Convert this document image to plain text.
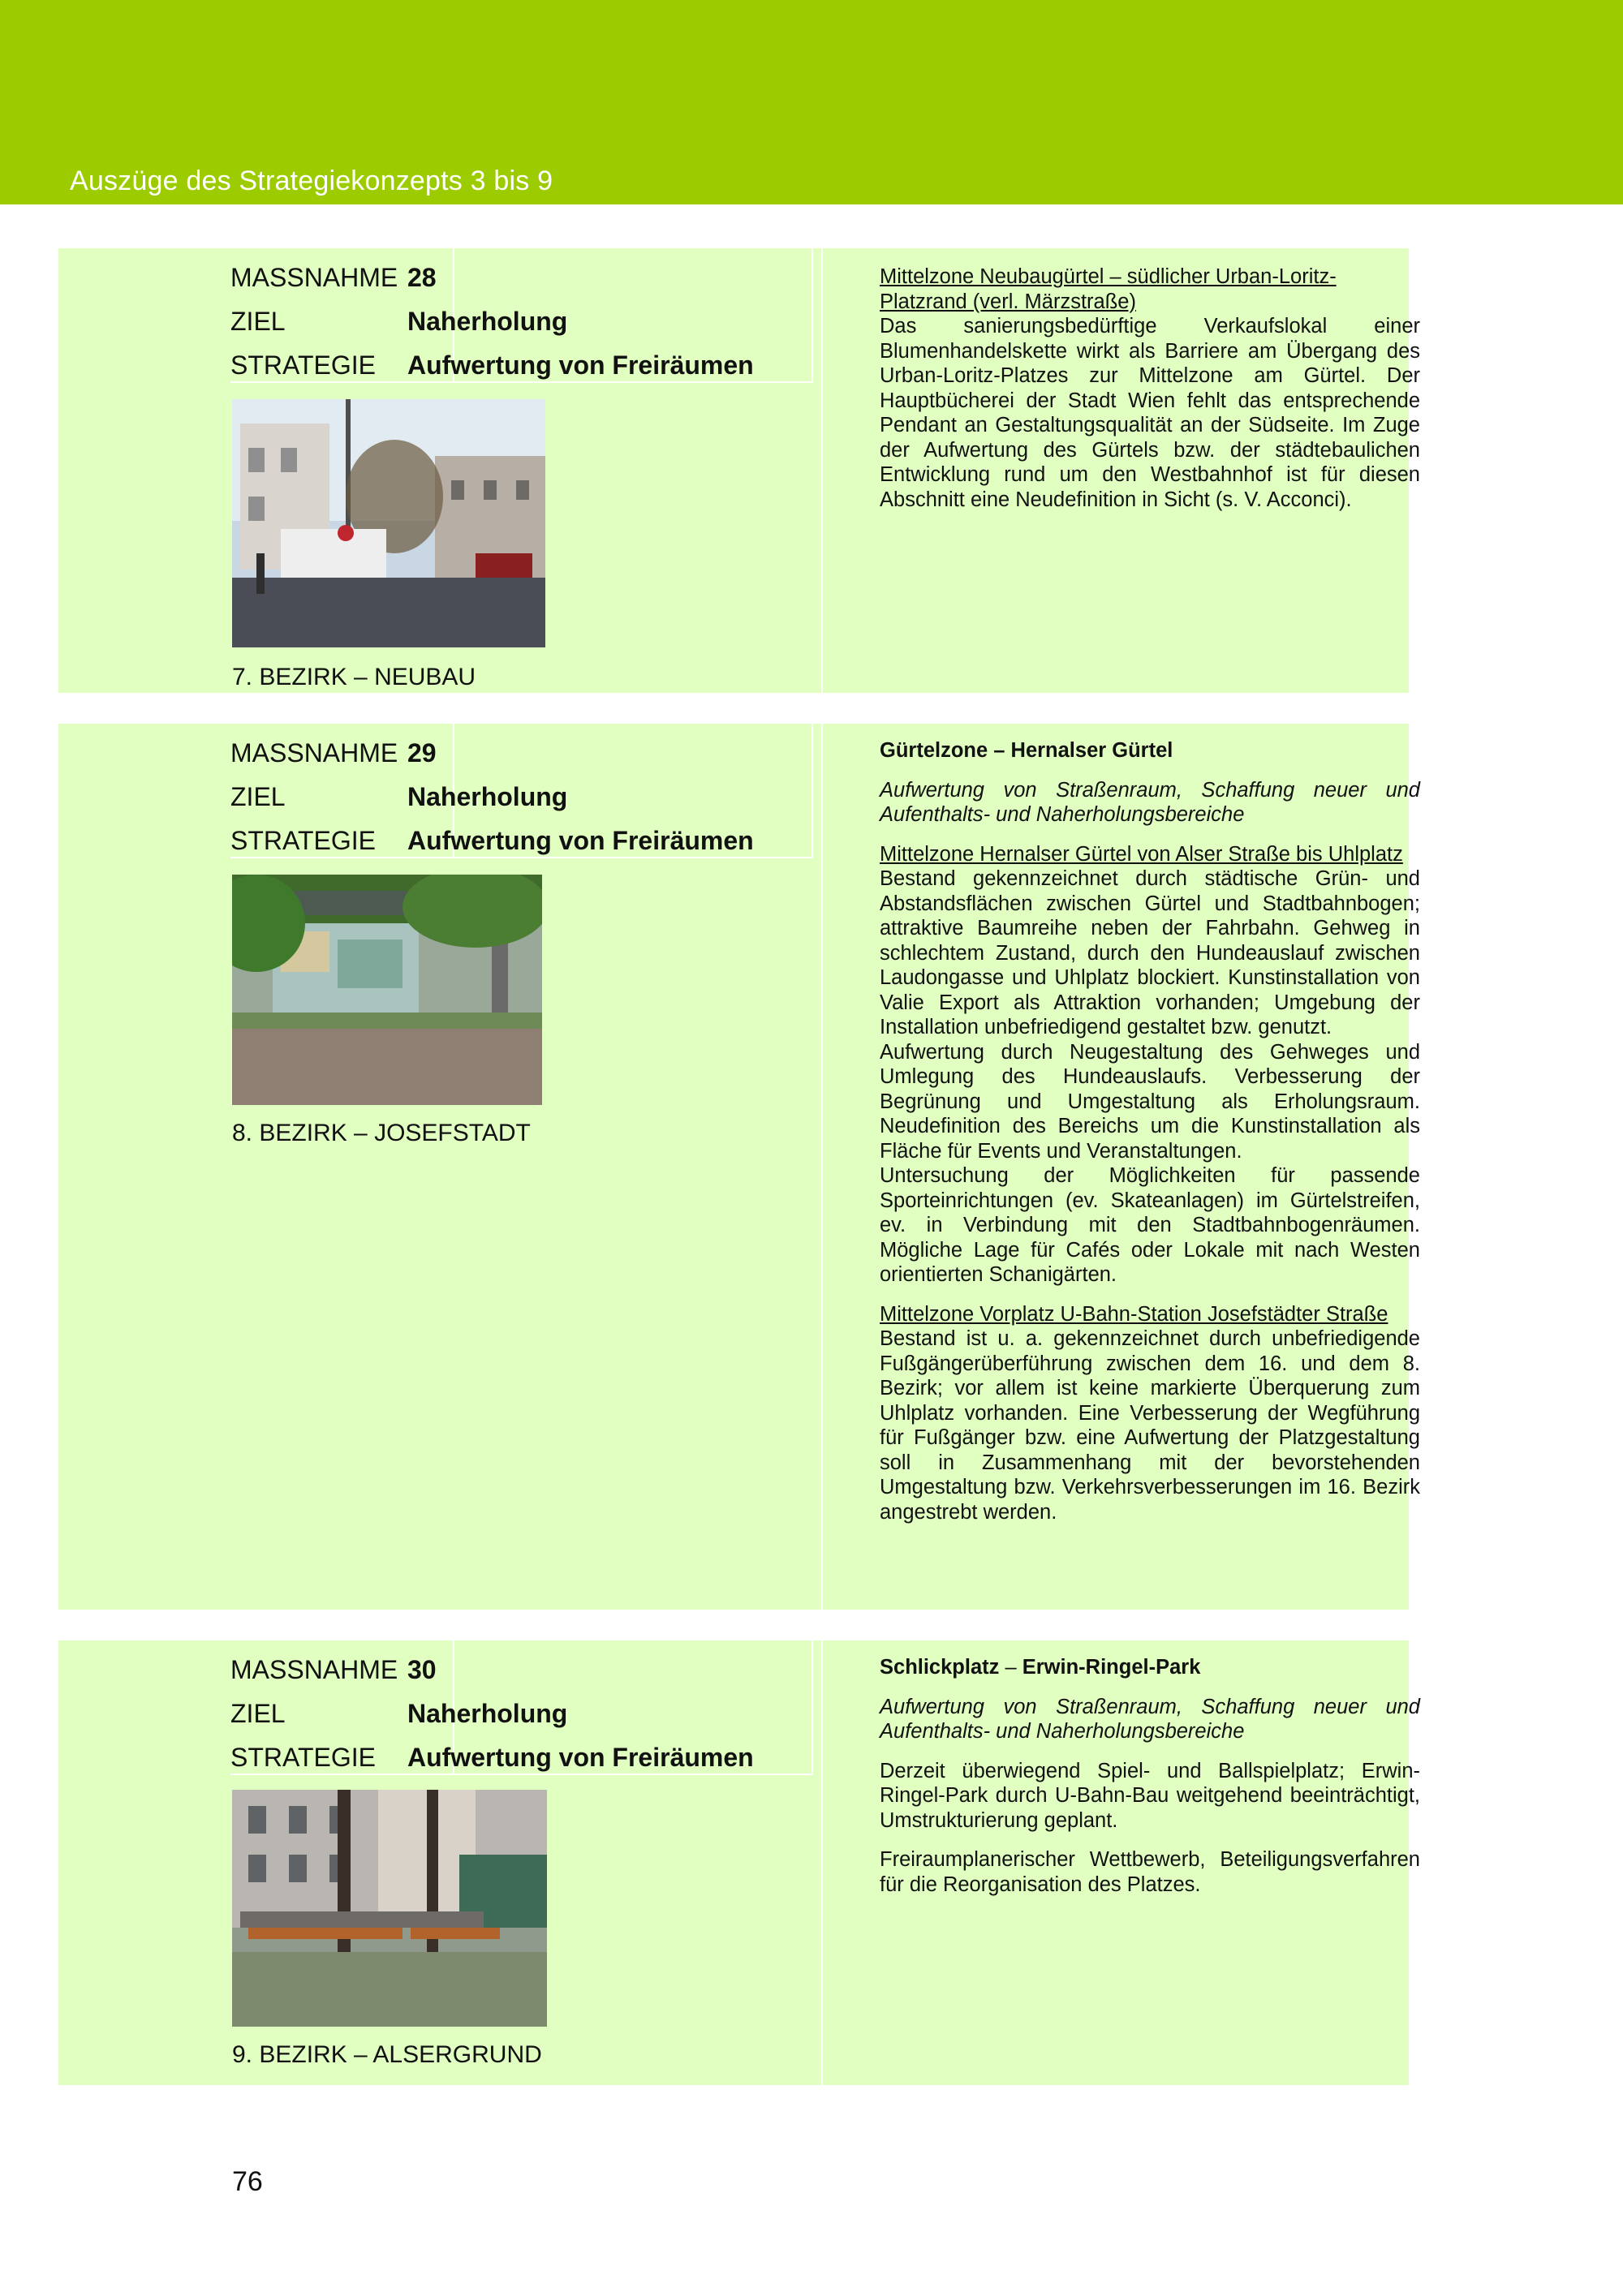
Auszüge des Strategiekonzepts 3 bis 9
MASSNAHME 28
ZIEL	Naherholung
STRATEGIE Aufwertung von Freiräumen
7. BEZIRK – NEUBAU
Mittelzone Neubaugürtel – südlicher Urban-Loritz-Platzrand (verl. Märzstraße)
Das sanierungsbedürftige Verkaufslokal einer Blumenhandelskette wirkt als Barriere am Übergang des Urban-Loritz-Platzes zur Mittelzone am Gürtel. Der Hauptbücherei der Stadt Wien fehlt das entsprechende Pendant an Gestaltungsqualität an der Südseite. Im Zuge der Aufwertung des Gürtels bzw. der städtebaulichen Entwicklung rund um den Westbahnhof ist für diesen Abschnitt eine Neudefinition in Sicht (s. V. Acconci).
MASSNAHME 29
ZIEL	Naherholung
STRATEGIE Aufwertung von Freiräumen
8. BEZIRK – JOSEFSTADT

Gürtelzone – Hernalser Gürtel

Aufwertung von Straßenraum, Schaffung neuer und Aufenthalts- und Naherholungsbereiche

Mittelzone Hernalser Gürtel von Alser Straße bis Uhlplatz
Bestand gekennzeichnet durch städtische Grün- und Abstandsflächen zwischen Gürtel und Stadtbahnbogen; attraktive Baumreihe neben der Fahrbahn. Gehweg in schlechtem Zustand, durch den Hundeauslauf zwischen Laudongasse und Uhlplatz blockiert. Kunstinstallation von Valie Export als Attraktion vorhanden; Umgebung der Installation unbefriedigend gestaltet bzw. genutzt.
Aufwertung durch Neugestaltung des Gehweges und Umlegung des Hundeauslaufs. Verbesserung der Begrünung und Umgestaltung als Erholungsraum. Neudefinition des Bereichs um die Kunstinstallation als Fläche für Events und Veranstaltungen.

Untersuchung der Möglichkeiten für passende Sporteinrichtungen (ev. Skateanlagen) im Gürtelstreifen, ev. in Verbindung mit den Stadtbahnbogenräumen. Mögliche Lage für Cafés oder Lokale mit nach Westen orientierten Schanigärten.

Mittelzone Vorplatz U-Bahn-Station Josefstädter Straße
Bestand ist u. a. gekennzeichnet durch unbefriedigende Fußgängerüberführung zwischen dem 16. und dem 8. Bezirk; vor allem ist keine markierte Überquerung zum Uhlplatz vorhanden. Eine Verbesserung der Wegführung für Fußgänger bzw. eine Aufwertung der Platzgestaltung soll in Zusammenhang mit der bevorstehenden Umgestaltung bzw. Verkehrsverbesserungen im 16. Bezirk angestrebt werden.
MASSNAHME 30
ZIEL	Naherholung
STRATEGIE Aufwertung von Freiräumen
9. BEZIRK – ALSERGRUND

Schlickplatz – Erwin-Ringel-Park

Aufwertung von Straßenraum, Schaffung neuer und Aufenthalts- und Naherholungsbereiche

Derzeit überwiegend Spiel- und Ballspielplatz; Erwin-Ringel-Park durch U-Bahn-Bau weitgehend beeinträchtigt, Umstrukturierung geplant.

Freiraumplanerischer Wettbewerb, Beteiligungsverfahren für die Reorganisation des Platzes.

76
